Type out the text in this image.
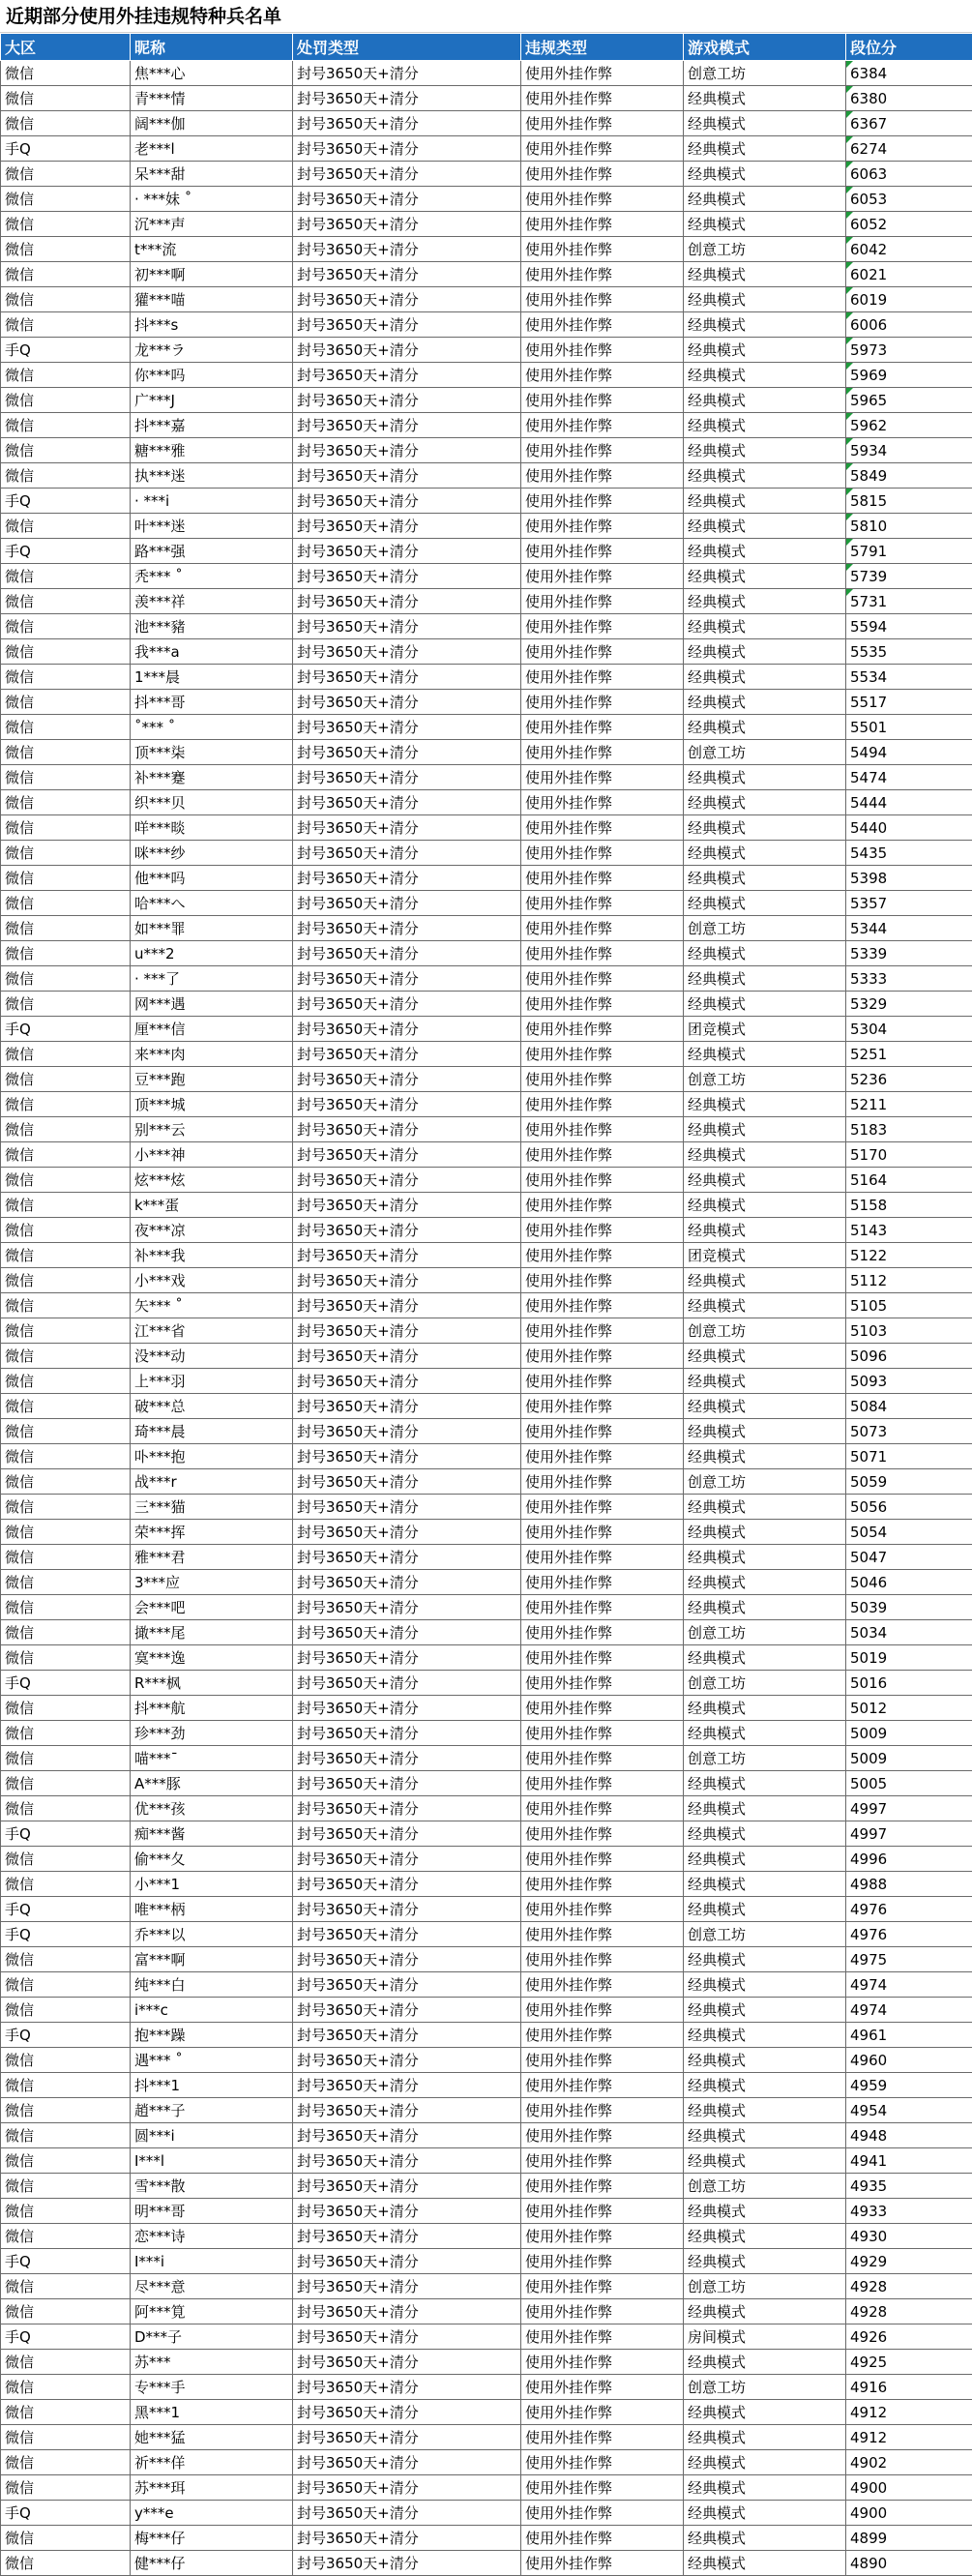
近期部分使用外挂违规特种兵名单
大区	昵称	处罚类型	违规类型	游戏模式	段位分
微信	焦***心	封号3650天+清分	使用外挂作弊	创意工坊	6384
微信	青***情	封号3650天+清分	使用外挂作弊	经典模式	6380
微信	阔***伽	封号3650天+清分	使用外挂作弊	经典模式	6367
手Q	老***l	封号3650天+清分	使用外挂作弊	经典模式	6274
微信	呆***甜	封号3650天+清分	使用外挂作弊	经典模式	6063
微信	· ***妹 ˚	封号3650天+清分	使用外挂作弊	经典模式	6053
微信	沉***声	封号3650天+清分	使用外挂作弊	经典模式	6052
微信	t***流	封号3650天+清分	使用外挂作弊	创意工坊	6042
微信	初***啊	封号3650天+清分	使用外挂作弊	经典模式	6021
微信	獾***喵	封号3650天+清分	使用外挂作弊	经典模式	6019
微信	抖***s	封号3650天+清分	使用外挂作弊	经典模式	6006
手Q	龙***ラ	封号3650天+清分	使用外挂作弊	经典模式	5973
微信	你***吗	封号3650天+清分	使用外挂作弊	经典模式	5969
微信	广***J	封号3650天+清分	使用外挂作弊	经典模式	5965
微信	抖***嘉	封号3650天+清分	使用外挂作弊	经典模式	5962
微信	糖***雅	封号3650天+清分	使用外挂作弊	经典模式	5934
微信	执***迷	封号3650天+清分	使用外挂作弊	经典模式	5849
手Q	· ***i	封号3650天+清分	使用外挂作弊	经典模式	5815
微信	叶***迷	封号3650天+清分	使用外挂作弊	经典模式	5810
手Q	路***强	封号3650天+清分	使用外挂作弊	经典模式	5791
微信	秃*** ˚	封号3650天+清分	使用外挂作弊	经典模式	5739
微信	羡***祥	封号3650天+清分	使用外挂作弊	经典模式	5731
微信	池***豬	封号3650天+清分	使用外挂作弊	经典模式	5594
微信	我***a	封号3650天+清分	使用外挂作弊	经典模式	5535
微信	1***晨	封号3650天+清分	使用外挂作弊	经典模式	5534
微信	抖***哥	封号3650天+清分	使用外挂作弊	经典模式	5517
微信	˚*** ˚	封号3650天+清分	使用外挂作弊	经典模式	5501
微信	顶***柒	封号3650天+清分	使用外挂作弊	创意工坊	5494
微信	补***蹇	封号3650天+清分	使用外挂作弊	经典模式	5474
微信	织***贝	封号3650天+清分	使用外挂作弊	经典模式	5444
微信	咩***晱	封号3650天+清分	使用外挂作弊	经典模式	5440
微信	咪***纱	封号3650天+清分	使用外挂作弊	经典模式	5435
微信	他***吗	封号3650天+清分	使用外挂作弊	经典模式	5398
微信	哈***へ	封号3650天+清分	使用外挂作弊	经典模式	5357
微信	如***罪	封号3650天+清分	使用外挂作弊	创意工坊	5344
微信	u***2	封号3650天+清分	使用外挂作弊	经典模式	5339
微信	· ***了	封号3650天+清分	使用外挂作弊	经典模式	5333
微信	网***遇	封号3650天+清分	使用外挂作弊	经典模式	5329
手Q	厘***信	封号3650天+清分	使用外挂作弊	团竞模式	5304
微信	来***肉	封号3650天+清分	使用外挂作弊	经典模式	5251
微信	豆***跑	封号3650天+清分	使用外挂作弊	创意工坊	5236
微信	顶***城	封号3650天+清分	使用外挂作弊	经典模式	5211
微信	别***云	封号3650天+清分	使用外挂作弊	经典模式	5183
微信	小***神	封号3650天+清分	使用外挂作弊	经典模式	5170
微信	炫***炫	封号3650天+清分	使用外挂作弊	经典模式	5164
微信	k***蛋	封号3650天+清分	使用外挂作弊	经典模式	5158
微信	夜***凉	封号3650天+清分	使用外挂作弊	经典模式	5143
微信	补***我	封号3650天+清分	使用外挂作弊	团竞模式	5122
微信	小***戏	封号3650天+清分	使用外挂作弊	经典模式	5112
微信	矢*** ˚	封号3650天+清分	使用外挂作弊	经典模式	5105
微信	江***省	封号3650天+清分	使用外挂作弊	创意工坊	5103
微信	没***动	封号3650天+清分	使用外挂作弊	经典模式	5096
微信	上***羽	封号3650天+清分	使用外挂作弊	经典模式	5093
微信	破***总	封号3650天+清分	使用外挂作弊	经典模式	5084
微信	琦***晨	封号3650天+清分	使用外挂作弊	经典模式	5073
微信	卟***抱	封号3650天+清分	使用外挂作弊	经典模式	5071
微信	战***r	封号3650天+清分	使用外挂作弊	创意工坊	5059
微信	三***猫	封号3650天+清分	使用外挂作弊	经典模式	5056
微信	荣***挥	封号3650天+清分	使用外挂作弊	经典模式	5054
微信	雅***君	封号3650天+清分	使用外挂作弊	经典模式	5047
微信	3***应	封号3650天+清分	使用外挂作弊	经典模式	5046
微信	会***吧	封号3650天+清分	使用外挂作弊	经典模式	5039
微信	撖***尾	封号3650天+清分	使用外挂作弊	创意工坊	5034
微信	寞***逸	封号3650天+清分	使用外挂作弊	经典模式	5019
手Q	R***枫	封号3650天+清分	使用外挂作弊	创意工坊	5016
微信	抖***航	封号3650天+清分	使用外挂作弊	经典模式	5012
微信	珍***劲	封号3650天+清分	使用外挂作弊	经典模式	5009
微信	喵***ˉ	封号3650天+清分	使用外挂作弊	创意工坊	5009
微信	A***豚	封号3650天+清分	使用外挂作弊	经典模式	5005
微信	优***孩	封号3650天+清分	使用外挂作弊	经典模式	4997
手Q	痴***酱	封号3650天+清分	使用外挂作弊	经典模式	4997
微信	偷***夂	封号3650天+清分	使用外挂作弊	经典模式	4996
微信	小***1	封号3650天+清分	使用外挂作弊	经典模式	4988
手Q	唯***柄	封号3650天+清分	使用外挂作弊	经典模式	4976
手Q	乔***以	封号3650天+清分	使用外挂作弊	创意工坊	4976
微信	富***啊	封号3650天+清分	使用外挂作弊	经典模式	4975
微信	纯***白	封号3650天+清分	使用外挂作弊	经典模式	4974
微信	i***c	封号3650天+清分	使用外挂作弊	经典模式	4974
手Q	抱***躁	封号3650天+清分	使用外挂作弊	经典模式	4961
微信	遇*** ˚	封号3650天+清分	使用外挂作弊	经典模式	4960
微信	抖***1	封号3650天+清分	使用外挂作弊	经典模式	4959
微信	趙***子	封号3650天+清分	使用外挂作弊	经典模式	4954
微信	圆***i	封号3650天+清分	使用外挂作弊	经典模式	4948
微信	I***l	封号3650天+清分	使用外挂作弊	经典模式	4941
微信	雪***散	封号3650天+清分	使用外挂作弊	创意工坊	4935
微信	明***哥	封号3650天+清分	使用外挂作弊	经典模式	4933
微信	恋***诗	封号3650天+清分	使用外挂作弊	经典模式	4930
手Q	I***i	封号3650天+清分	使用外挂作弊	经典模式	4929
微信	尽***意	封号3650天+清分	使用外挂作弊	创意工坊	4928
微信	阿***筧	封号3650天+清分	使用外挂作弊	经典模式	4928
手Q	D***子	封号3650天+清分	使用外挂作弊	房间模式	4926
微信	苏***	封号3650天+清分	使用外挂作弊	经典模式	4925
微信	专***手	封号3650天+清分	使用外挂作弊	创意工坊	4916
微信	黑***1	封号3650天+清分	使用外挂作弊	经典模式	4912
微信	她***猛	封号3650天+清分	使用外挂作弊	经典模式	4912
微信	祈***佯	封号3650天+清分	使用外挂作弊	经典模式	4902
微信	苏***珥	封号3650天+清分	使用外挂作弊	经典模式	4900
手Q	y***e	封号3650天+清分	使用外挂作弊	经典模式	4900
微信	梅***仔	封号3650天+清分	使用外挂作弊	经典模式	4899
微信	健***仔	封号3650天+清分	使用外挂作弊	经典模式	4890
